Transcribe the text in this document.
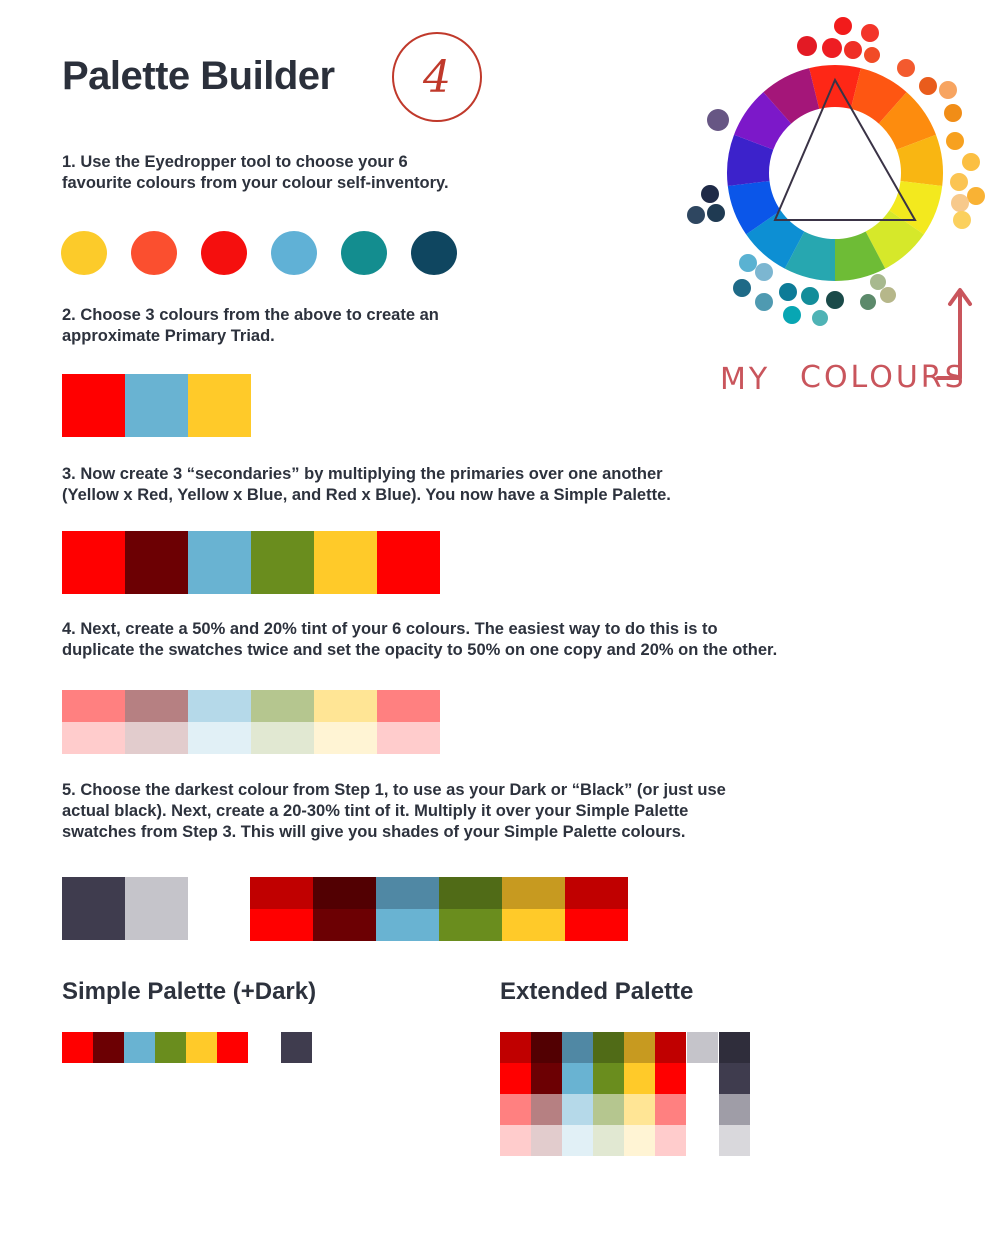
Palette Builder	4
1. Use the Eyedropper tool to choose your 6
favourite colours from your colour self-inventory.
2. Choose 3 colours from the above to create an
approximate Primary Triad.
3. Now create 3 “secondaries” by multiplying the primaries over one another
(Yellow x Red, Yellow x Blue, and Red x Blue). You now have a Simple Palette.
4. Next, create a 50% and 20% tint of your 6 colours. The easiest way to do this is to
duplicate the swatches twice and set the opacity to 50% on one copy and 20% on the other.
5. Choose the darkest colour from Step 1, to use as your Dark or “Black” (or just use
actual black). Next, create a 20-30% tint of it. Multiply it over your Simple Palette
swatches from Step 3. This will give you shades of your Simple Palette colours.
Simple Palette (+Dark)	Extended Palette
MY COLOURS
